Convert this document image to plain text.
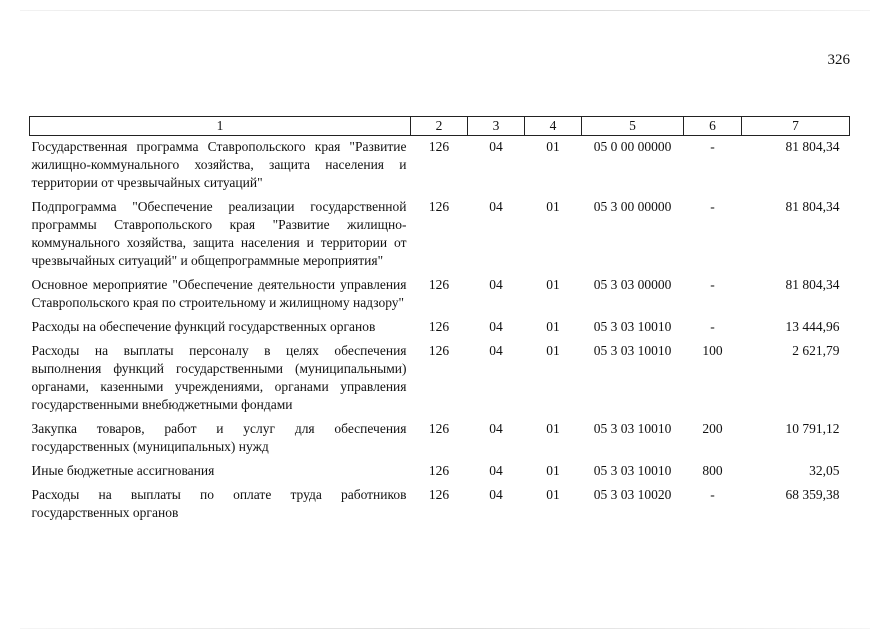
326
1	2	3	4	5	6	7
Государственная программа Ставропольского края "Развитие жилищно-коммунального хозяйства, защита населения и территории от чрезвычайных ситуаций"	126	04	01	05 0 00 00000	-	81 804,34
Подпрограмма "Обеспечение реализации государственной программы Ставропольского края "Развитие жилищно-коммунального хозяйства, защита населения и территории от чрезвычайных ситуаций" и общепрограммные мероприятия"	126	04	01	05 3 00 00000	-	81 804,34
Основное мероприятие "Обеспечение деятельности управления Ставропольского края по строительному и жилищному надзору"	126	04	01	05 3 03 00000	-	81 804,34
Расходы на обеспечение функций государственных органов	126	04	01	05 3 03 10010	-	13 444,96
Расходы на выплаты персоналу в целях обеспечения выполнения функций государственными (муниципальными) органами, казенными учреждениями, органами управления государственными внебюджетными фондами	126	04	01	05 3 03 10010	100	2 621,79
Закупка товаров, работ и услуг для обеспечения государственных (муниципальных) нужд	126	04	01	05 3 03 10010	200	10 791,12
Иные бюджетные ассигнования	126	04	01	05 3 03 10010	800	32,05
Расходы на выплаты по оплате труда работников государственных органов	126	04	01	05 3 03 10020	-	68 359,38
